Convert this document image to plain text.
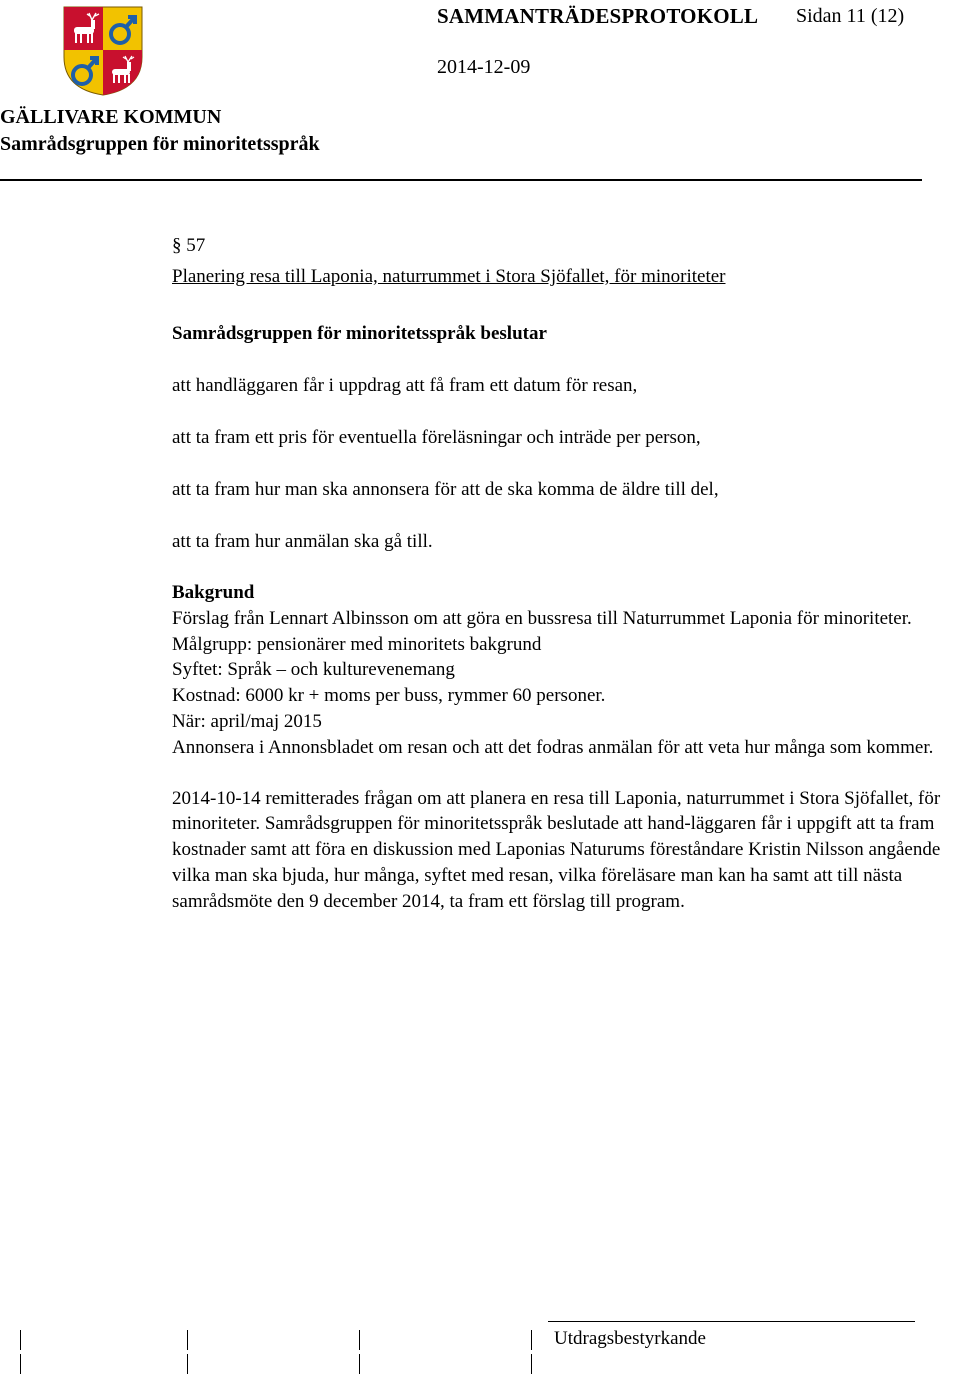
SAMMANTRÄDESPROTOKOLL Sidan 11 (12)
2014-12-09
GÄLLIVARE KOMMUN
Samrådsgruppen för minoritetsspråk
§ 57
Planering resa till Laponia, naturrummet i Stora Sjöfallet, för minoriteter
Samrådsgruppen för minoritetsspråk beslutar
att handläggaren får i uppdrag att få fram ett datum för resan,
att ta fram ett pris för eventuella föreläsningar och inträde per person,
att ta fram hur man ska annonsera för att de ska komma de äldre till del,
att ta fram hur anmälan ska gå till.

Bakgrund

Förslag från Lennart Albinsson om att göra en bussresa till Naturrummet Laponia för minoriteter.

Målgrupp: pensionärer med minoritets bakgrund

Syftet: Språk – och kulturevenemang

Kostnad: 6000 kr + moms per buss, rymmer 60 personer.

När: april/maj 2015

Annonsera i Annonsbladet om resan och att det fodras anmälan för att veta hur många som kommer.

2014-10-14 remitterades frågan om att planera en resa till Laponia, naturrummet i Stora Sjöfallet, för minoriteter. Samrådsgruppen för minoritetsspråk beslutade att hand-läggaren får i uppgift att ta fram kostnader samt att föra en diskussion med Laponias Naturums föreståndare Kristin Nilsson angående vilka man ska bjuda, hur många, syftet med resan, vilka föreläsare man kan ha samt att till nästa samrådsmöte den 9 december 2014, ta fram ett förslag till program.

Utdragsbestyrkande
